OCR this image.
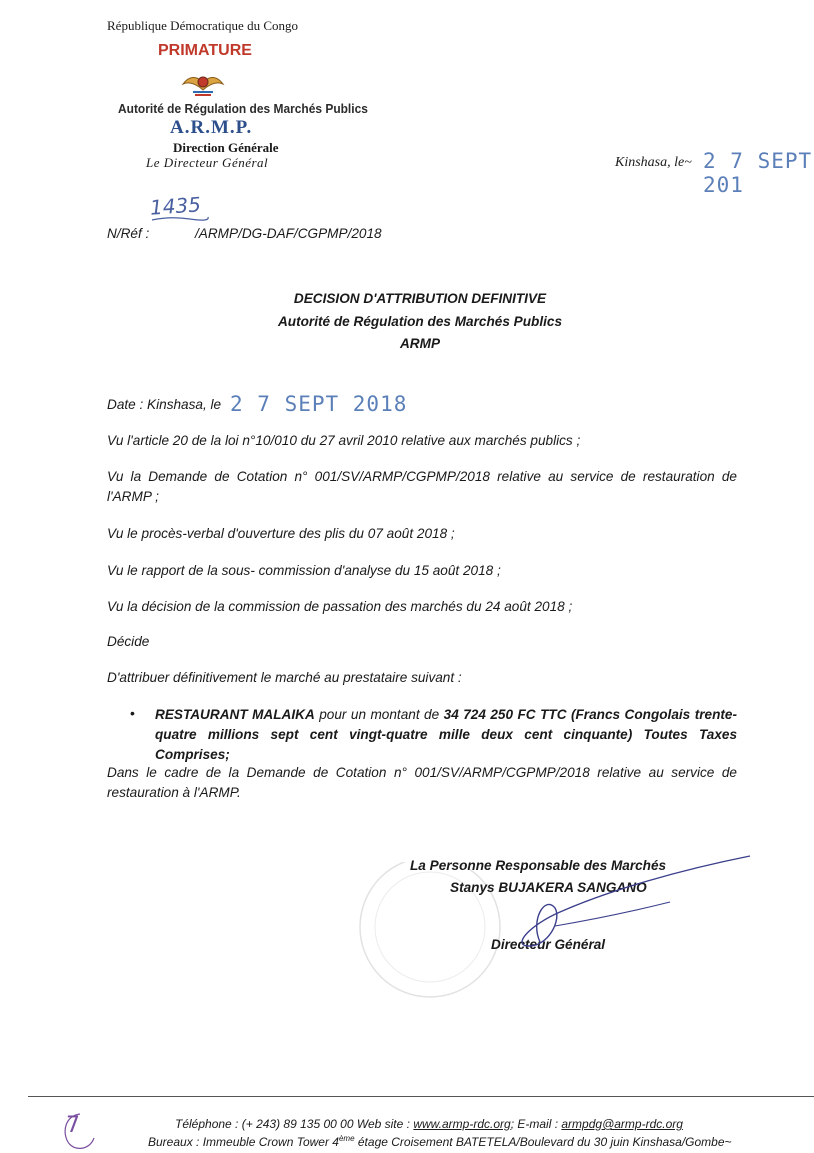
République Démocratique du Congo
PRIMATURE
Autorité de Régulation des Marchés Publics
A.R.M.P.
Direction Générale
Le Directeur Général	Kinshasa, le~ 2 7 SEPT 201
1435
N/Réf :	/ARMP/DG-DAF/CGPMP/2018
DECISION D'ATTRIBUTION DEFINITIVE
Autorité de Régulation des Marchés Publics
ARMP
Date : Kinshasa, le 2 7 SEPT 2018
Vu l'article 20 de la loi n°10/010 du 27 avril 2010 relative aux marchés publics ;
Vu la Demande de Cotation n° 001/SV/ARMP/CGPMP/2018 relative au service de restauration de l'ARMP ;
Vu le procès-verbal d'ouverture des plis du 07 août 2018 ;
Vu le rapport de la sous- commission d'analyse du 15 août 2018 ;
Vu la décision de la commission de passation des marchés du 24 août 2018 ;
Décide
D'attribuer définitivement le marché au prestataire suivant :
• RESTAURANT MALAIKA pour un montant de 34 724 250 FC TTC (Francs Congolais trente-quatre millions sept cent vingt-quatre mille deux cent cinquante) Toutes Taxes Comprises;
Dans le cadre de la Demande de Cotation n° 001/SV/ARMP/CGPMP/2018 relative au service de restauration à l'ARMP.
La Personne Responsable des Marchés
Stanys BUJAKERA SANGANO
Directeur Général
Téléphone : (+ 243) 89 135 00 00 Web site : www.armp-rdc.org; E-mail : armpdg@armp-rdc.org
Bureaux : Immeuble Crown Tower 4ème étage Croisement BATETELA/Boulevard du 30 juin Kinshasa/Gombe~
7
